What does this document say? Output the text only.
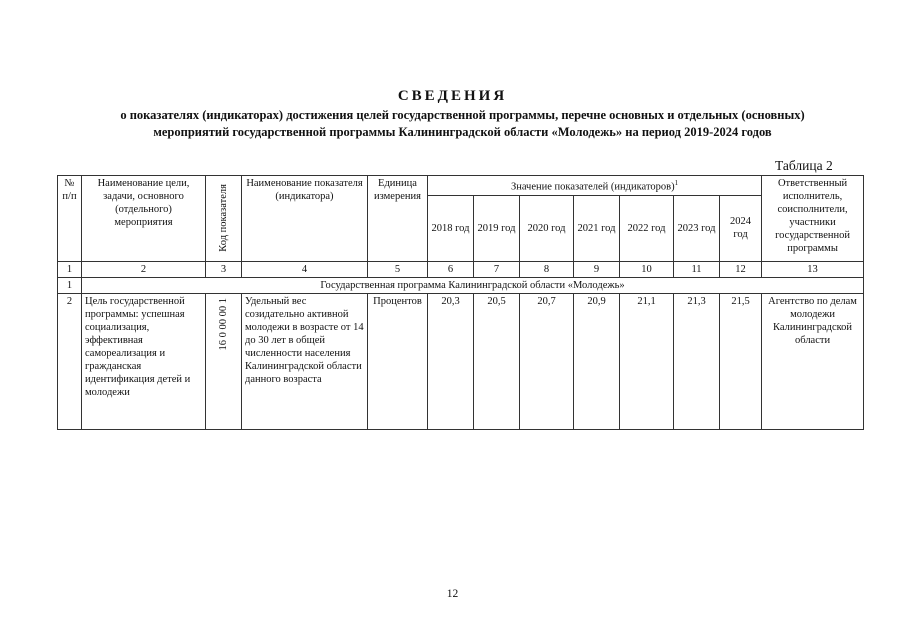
СВЕДЕНИЯ
о показателях (индикаторах) достижения целей государственной программы, перечне основных и отдельных (основных)
мероприятий государственной программы Калининградской области «Молодежь» на период 2019-2024 годов
Таблица 2
№ п/п	Наименование цели, задачи, основного (отдельного) мероприятия	Код показателя	Наименование показателя (индикатора)	Единица измерения	Значение показателей (индикаторов)$^1$							Ответственный исполнитель, соисполнители, участники государственной программы
					2018 год	2019 год	2020 год	2021 год	2022 год	2023 год	2024 год	
1	2	3	4	5	6	7	8	9	10	11	12	13
1	Государственная программа Калининградской области «Молодежь»											
2	Цель государственной программы: успешная социализация, эффективная самореализация и гражданская идентификация детей и молодежи	16 0 00 00 1	Удельный вес созидательно активной молодежи в возрасте от 14 до 30 лет в общей численности населения Калининградской области данного возраста	Процентов	20,3	20,5	20,7	20,9	21,1	21,3	21,5	Агентство по делам молодежи Калининградской области
12
